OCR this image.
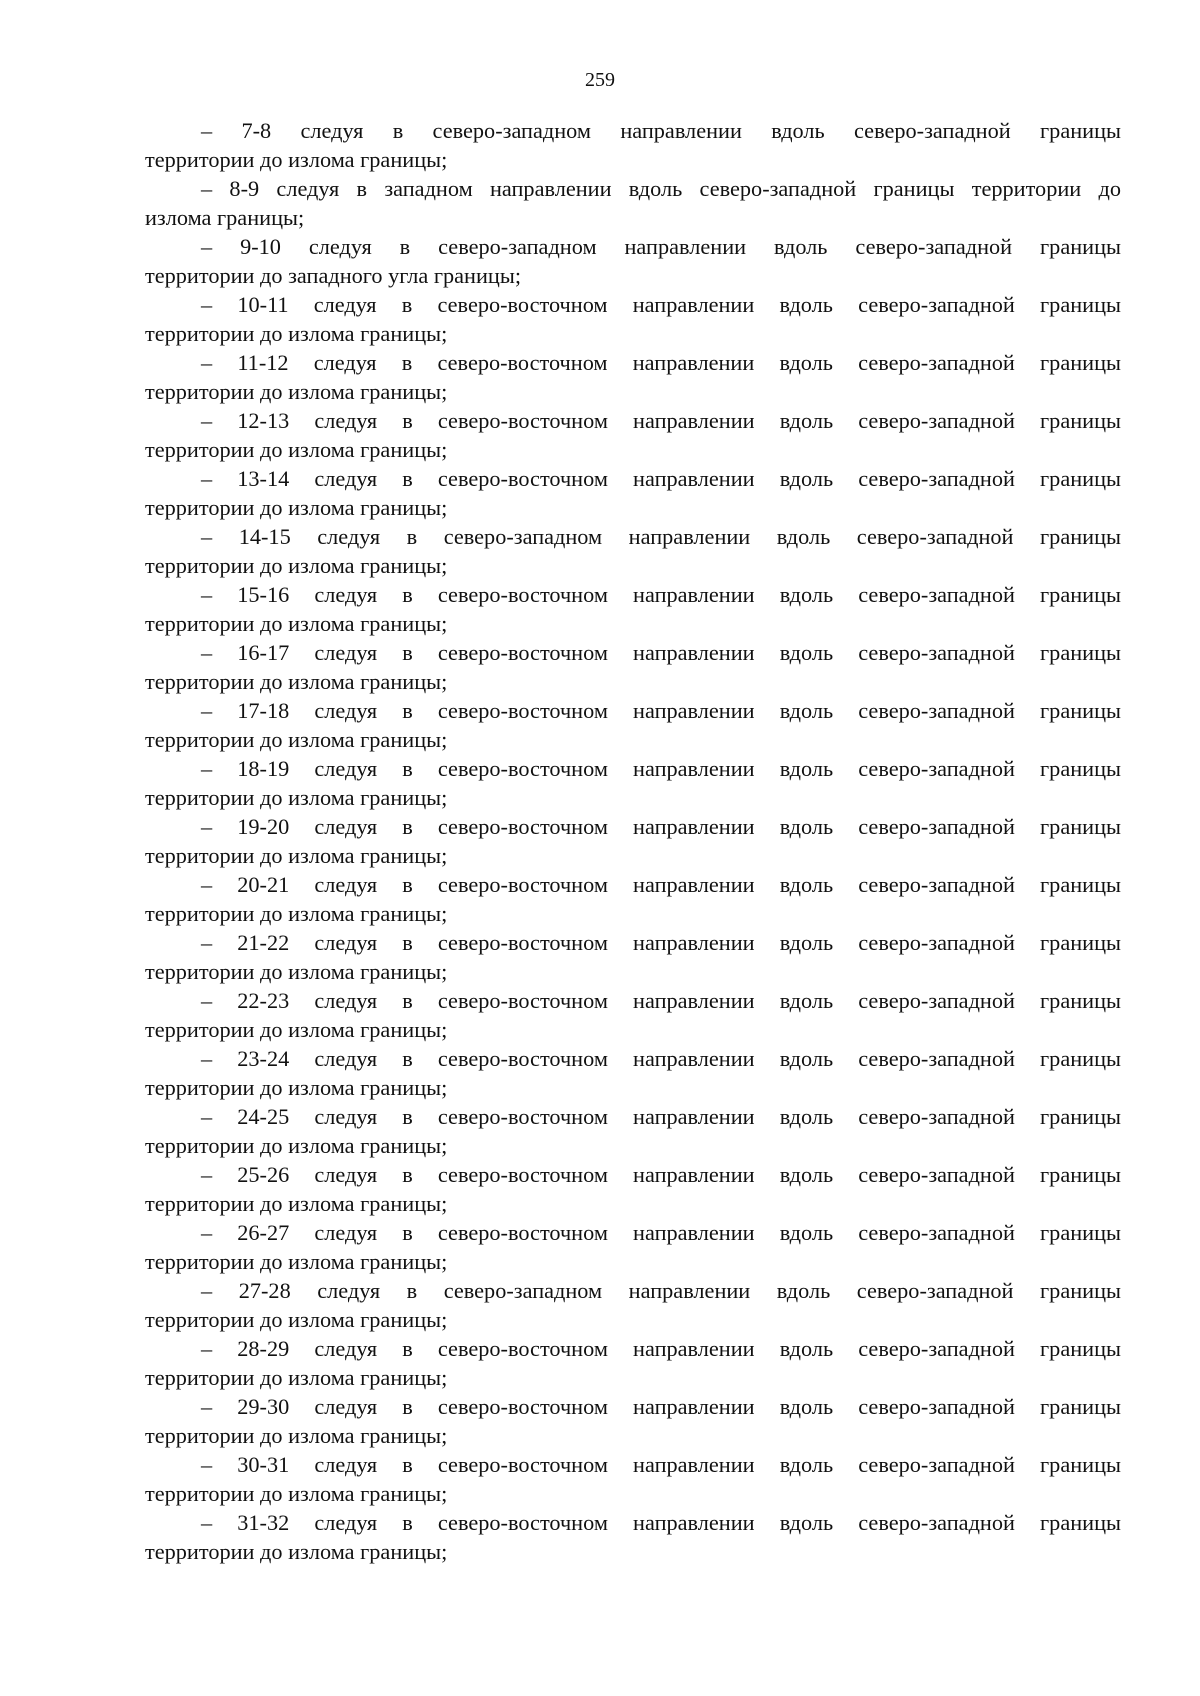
259

– 7-8 следуя в северо-западном направлении вдоль северо-западной границы
территории до излома границы;

– 8-9 следуя в западном направлении вдоль северо-западной границы территории до
излома границы;

– 9-10 следуя в северо-западном направлении вдоль северо-западной границы
территории до западного угла границы;

– 10-11 следуя в северо-восточном направлении вдоль северо-западной границы
территории до излома границы;

– 11-12 следуя в северо-восточном направлении вдоль северо-западной границы
территории до излома границы;

– 12-13 следуя в северо-восточном направлении вдоль северо-западной границы
территории до излома границы;

– 13-14 следуя в северо-восточном направлении вдоль северо-западной границы
территории до излома границы;

– 14-15 следуя в северо-западном направлении вдоль северо-западной границы
территории до излома границы;

– 15-16 следуя в северо-восточном направлении вдоль северо-западной границы
территории до излома границы;

– 16-17 следуя в северо-восточном направлении вдоль северо-западной границы
территории до излома границы;

– 17-18 следуя в северо-восточном направлении вдоль северо-западной границы
территории до излома границы;

– 18-19 следуя в северо-восточном направлении вдоль северо-западной границы
территории до излома границы;

– 19-20 следуя в северо-восточном направлении вдоль северо-западной границы
территории до излома границы;

– 20-21 следуя в северо-восточном направлении вдоль северо-западной границы
территории до излома границы;

– 21-22 следуя в северо-восточном направлении вдоль северо-западной границы
территории до излома границы;

– 22-23 следуя в северо-восточном направлении вдоль северо-западной границы
территории до излома границы;

– 23-24 следуя в северо-восточном направлении вдоль северо-западной границы
территории до излома границы;

– 24-25 следуя в северо-восточном направлении вдоль северо-западной границы
территории до излома границы;

– 25-26 следуя в северо-восточном направлении вдоль северо-западной границы
территории до излома границы;

– 26-27 следуя в северо-восточном направлении вдоль северо-западной границы
территории до излома границы;

– 27-28 следуя в северо-западном направлении вдоль северо-западной границы
территории до излома границы;

– 28-29 следуя в северо-восточном направлении вдоль северо-западной границы
территории до излома границы;

– 29-30 следуя в северо-восточном направлении вдоль северо-западной границы
территории до излома границы;

– 30-31 следуя в северо-восточном направлении вдоль северо-западной границы
территории до излома границы;

– 31-32 следуя в северо-восточном направлении вдоль северо-западной границы
территории до излома границы;
